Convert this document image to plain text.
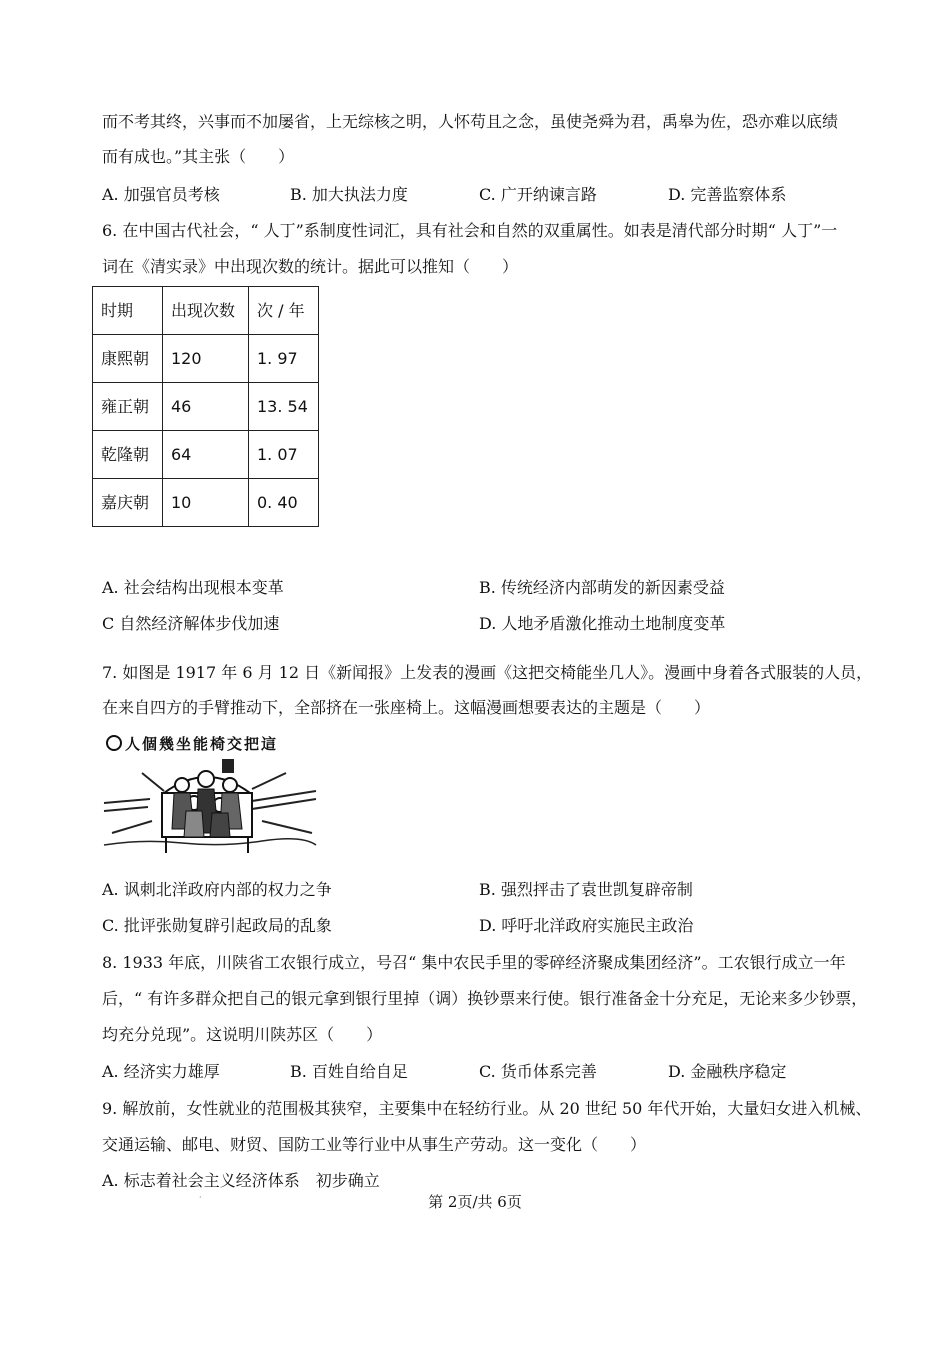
而不考其终，兴事而不加屡省，上无综核之明，人怀苟且之念，虽使尧舜为君，禹皋为佐，恐亦难以底绩
而有成也。”其主张（　　）
A. 加强官员考核	B. 加大执法力度	C. 广开纳谏言路	D. 完善监察体系
6. 在中国古代社会，“ 人丁”系制度性词汇，具有社会和自然的双重属性。如表是清代部分时期“ 人丁”一
词在《清实录》中出现次数的统计。据此可以推知（　　）
时期	出现次数	次 / 年
康熙朝	120	1. 97
雍正朝	46	13. 54
乾隆朝	64	1. 07
嘉庆朝	10	0. 40
A. 社会结构出现根本变革	B. 传统经济内部萌发的新因素受益
C 自然经济解体步伐加速	D. 人地矛盾激化推动土地制度变革
7. 如图是 1917 年 6 月 12 日《新闻报》上发表的漫画《这把交椅能坐几人》。漫画中身着各式服装的人员，
在来自四方的手臂推动下，全部挤在一张座椅上。这幅漫画想要表达的主题是（　　）
人個幾坐能椅交把這
A. 讽刺北洋政府内部的权力之争	B. 强烈抨击了袁世凯复辟帝制
C. 批评张勋复辟引起政局的乱象	D. 呼吁北洋政府实施民主政治
8. 1933 年底，川陕省工农银行成立，号召“ 集中农民手里的零碎经济聚成集团经济”。工农银行成立一年
后，“ 有许多群众把自己的银元拿到银行里掉（调）换钞票来行使。银行准备金十分充足，无论来多少钞票，
均充分兑现”。这说明川陕苏区（　　）
A. 经济实力雄厚	B. 百姓自给自足	C. 货币体系完善	D. 金融秩序稳定
9. 解放前，女性就业的范围极其狭窄，主要集中在轻纺行业。从 20 世纪 50 年代开始，大量妇女进入机械、
交通运输、邮电、财贸、国防工业等行业中从事生产劳动。这一变化（　　）
A. 标志着社会主义经济体系　初步确立
·	第 2页/共 6页
